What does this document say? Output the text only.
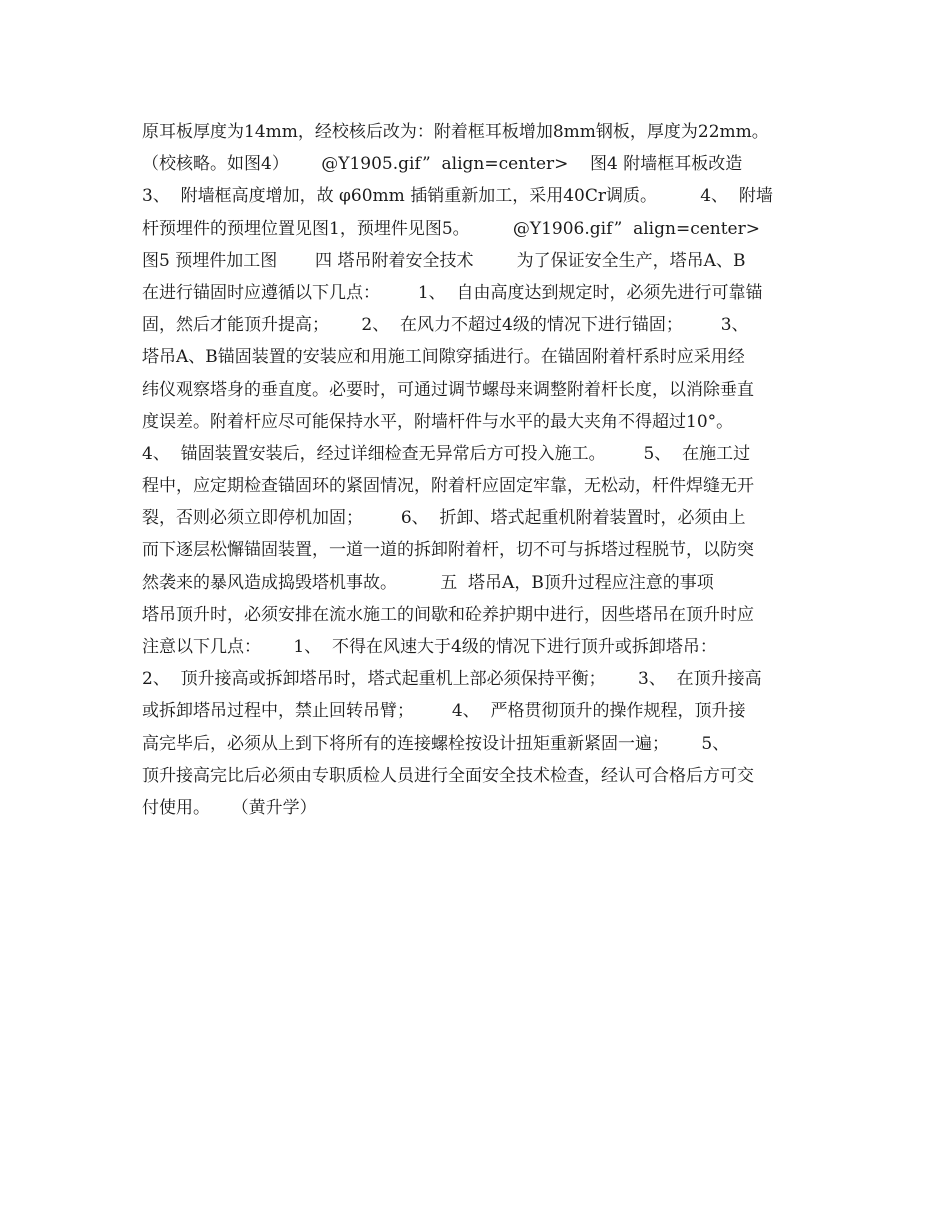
原耳板厚度为14mm，经校核后改为：附着框耳板增加8mm钢板，厚度为22mm。
（校核略。如图4）      @Y1905.gif”  align=center>    图4 附墙框耳板改造
3、  附墙框高度增加，故 φ60mm 插销重新加工，采用40Cr调质。        4、  附墙
杆预埋件的预埋位置见图1，预埋件见图5。        @Y1906.gif”  align=center>
图5 预埋件加工图       四 塔吊附着安全技术        为了保证安全生产，塔吊A、B
在进行锚固时应遵循以下几点：       1、  自由高度达到规定时，必须先进行可靠锚
固，然后才能顶升提高；      2、  在风力不超过4级的情况下进行锚固；       3、
塔吊A、B锚固装置的安装应和用施工间隙穿插进行。在锚固附着杆系时应采用经
纬仪观察塔身的垂直度。必要时，可通过调节螺母来调整附着杆长度，以消除垂直
度误差。附着杆应尽可能保持水平，附墙杆件与水平的最大夹角不得超过10°。
4、  锚固装置安装后，经过详细检查无异常后方可投入施工。       5、  在施工过
程中，应定期检查锚固环的紧固情况，附着杆应固定牢靠，无松动，杆件焊缝无开
裂，否则必须立即停机加固；       6、  折卸、塔式起重机附着装置时，必须由上
而下逐层松懈锚固装置，一道一道的拆卸附着杆，切不可与拆塔过程脱节，以防突
然袭来的暴风造成捣毁塔机事故。        五  塔吊A，B顶升过程应注意的事项
塔吊顶升时，必须安排在流水施工的间歇和砼养护期中进行，因些塔吊在顶升时应
注意以下几点：      1、  不得在风速大于4级的情况下进行顶升或拆卸塔吊：
2、  顶升接高或拆卸塔吊时，塔式起重机上部必须保持平衡；      3、  在顶升接高
或拆卸塔吊过程中，禁止回转吊臂；       4、  严格贯彻顶升的操作规程，顶升接
高完毕后，必须从上到下将所有的连接螺栓按设计扭矩重新紧固一遍；      5、
顶升接高完比后必须由专职质检人员进行全面安全技术检查，经认可合格后方可交
付使用。    （黄升学）
